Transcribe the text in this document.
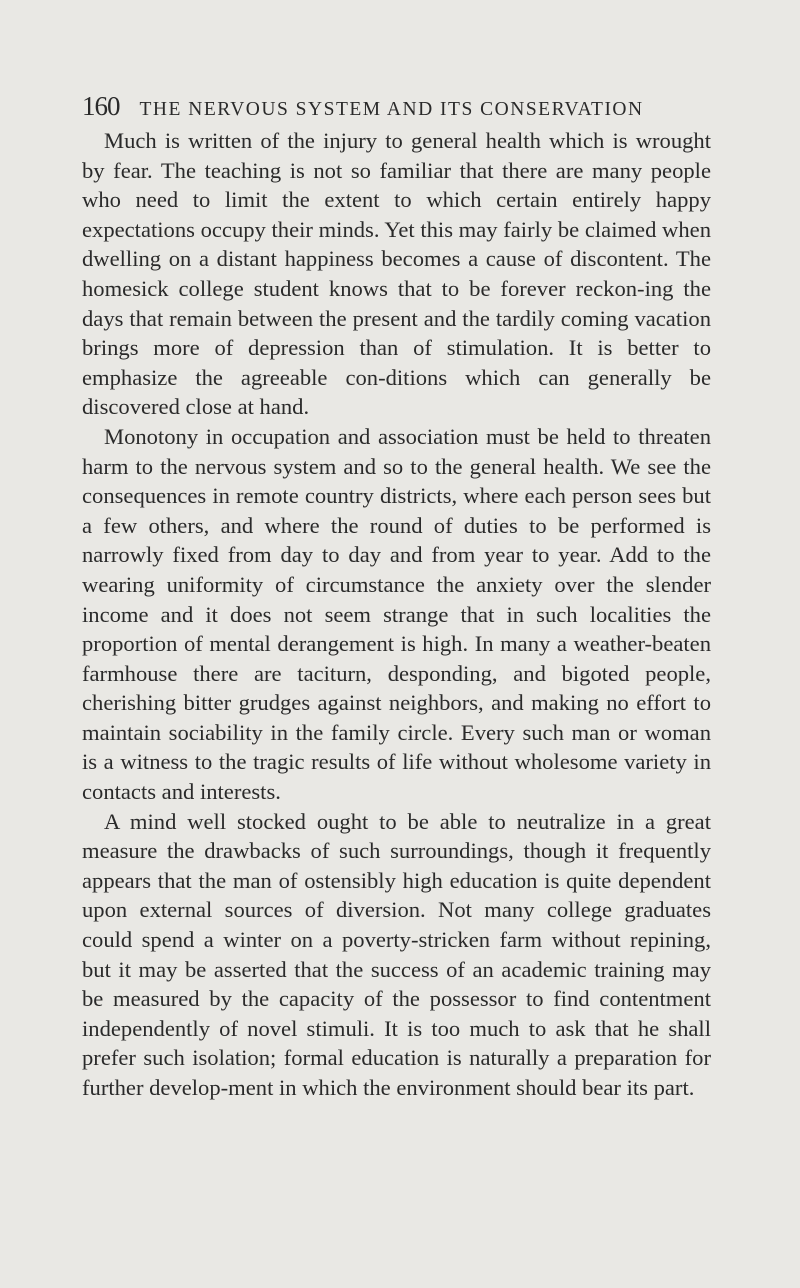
160 THE NERVOUS SYSTEM AND ITS CONSERVATION

Much is written of the injury to general health which is wrought by fear. The teaching is not so familiar that there are many people who need to limit the extent to which certain entirely happy expectations occupy their minds. Yet this may fairly be claimed when dwelling on a distant happiness becomes a cause of discontent. The homesick college student knows that to be forever reckon-ing the days that remain between the present and the tardily coming vacation brings more of depression than of stimulation. It is better to emphasize the agreeable con-ditions which can generally be discovered close at hand.

Monotony in occupation and association must be held to threaten harm to the nervous system and so to the general health. We see the consequences in remote country districts, where each person sees but a few others, and where the round of duties to be performed is narrowly fixed from day to day and from year to year. Add to the wearing uniformity of circumstance the anxiety over the slender income and it does not seem strange that in such localities the proportion of mental derangement is high. In many a weather-beaten farmhouse there are taciturn, desponding, and bigoted people, cherishing bitter grudges against neighbors, and making no effort to maintain sociability in the family circle. Every such man or woman is a witness to the tragic results of life without wholesome variety in contacts and interests.

A mind well stocked ought to be able to neutralize in a great measure the drawbacks of such surroundings, though it frequently appears that the man of ostensibly high education is quite dependent upon external sources of diversion. Not many college graduates could spend a winter on a poverty-stricken farm without repining, but it may be asserted that the success of an academic training may be measured by the capacity of the possessor to find contentment independently of novel stimuli. It is too much to ask that he shall prefer such isolation; formal education is naturally a preparation for further develop-ment in which the environment should bear its part.
